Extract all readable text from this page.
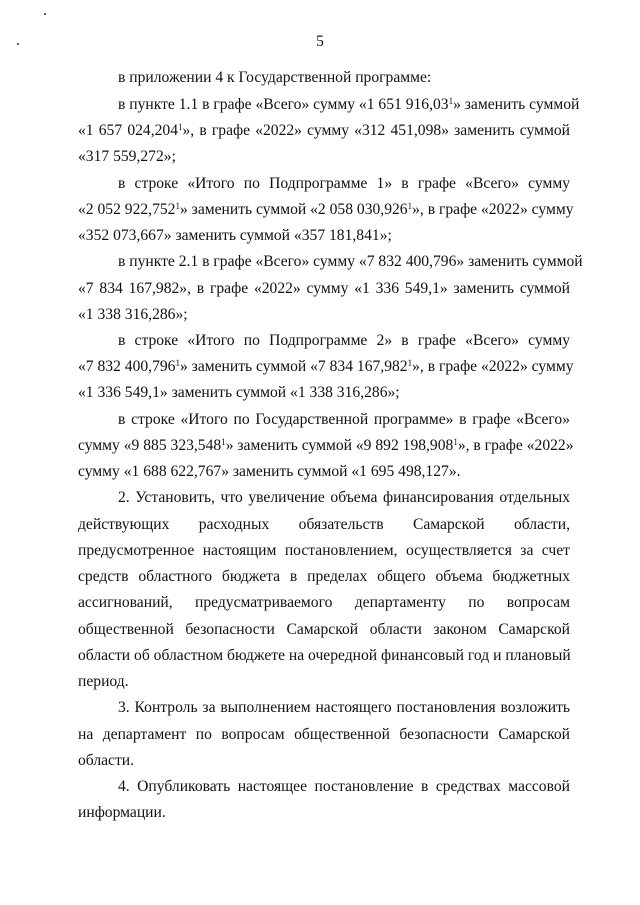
5
в приложении 4 к Государственной программе:
в пункте 1.1 в графе «Всего» сумму «1 651 916,03$^1$» заменить суммой
«1 657 024,204$^1$», в графе «2022» сумму «312 451,098» заменить суммой
«317 559,272»;
в строке «Итого по Подпрограмме 1» в графе «Всего» сумму
«2 052 922,752$^1$» заменить суммой «2 058 030,926$^1$», в графе «2022» сумму
«352 073,667» заменить суммой «357 181,841»;
в пункте 2.1 в графе «Всего» сумму «7 832 400,796» заменить суммой
«7 834 167,982», в графе «2022» сумму «1 336 549,1» заменить суммой
«1 338 316,286»;
в строке «Итого по Подпрограмме 2» в графе «Всего» сумму
«7 832 400,796$^1$» заменить суммой «7 834 167,982$^1$», в графе «2022» сумму
«1 336 549,1» заменить суммой «1 338 316,286»;
в строке «Итого по Государственной программе» в графе «Всего»
сумму «9 885 323,548$^1$» заменить суммой «9 892 198,908$^1$», в графе «2022»
сумму «1 688 622,767» заменить суммой «1 695 498,127».
2. Установить, что увеличение объема финансирования отдельных
действующих расходных обязательств Самарской области,
предусмотренное настоящим постановлением, осуществляется за счет
средств областного бюджета в пределах общего объема бюджетных
ассигнований, предусматриваемого департаменту по вопросам
общественной безопасности Самарской области законом Самарской
области об областном бюджете на очередной финансовый год и плановый
период.
3. Контроль за выполнением настоящего постановления возложить
на департамент по вопросам общественной безопасности Самарской
области.
4. Опубликовать настоящее постановление в средствах массовой
информации.
